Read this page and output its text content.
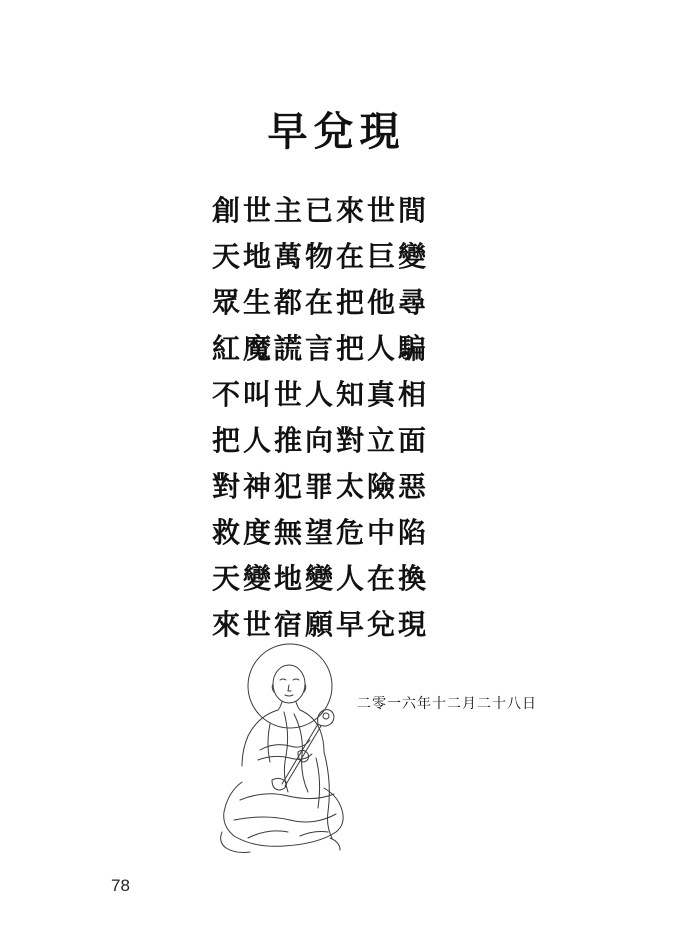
早兌現
創世主已來世間
天地萬物在巨變
眾生都在把他尋
紅魔謊言把人騙
不叫世人知真相
把人推向對立面
對神犯罪太險惡
救度無望危中陷
天變地變人在換
來世宿願早兌現
二零一六年十二月二十八日
78
